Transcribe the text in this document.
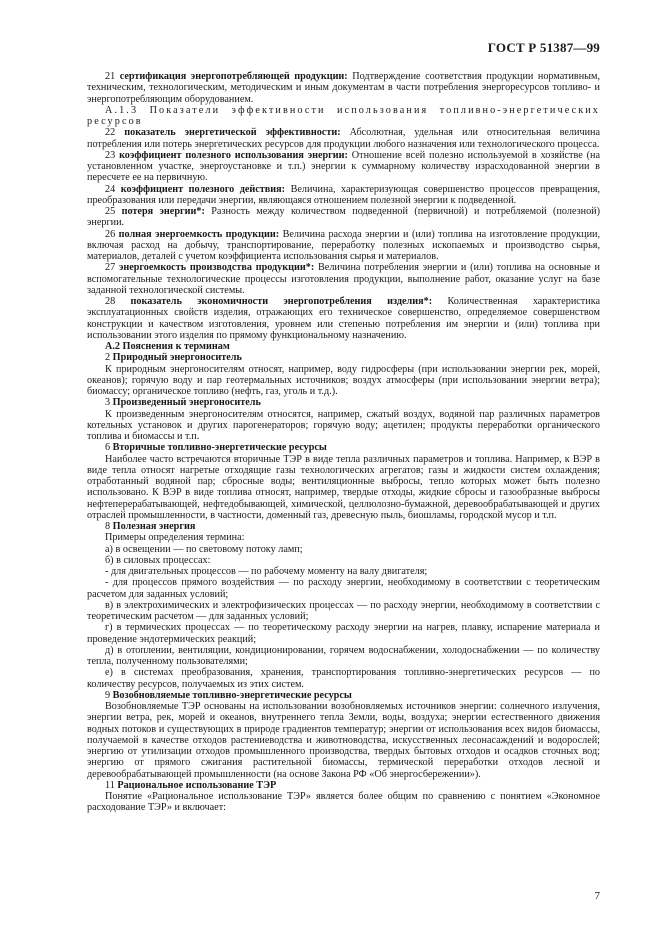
ГОСТ Р 51387—99

21 сертификация энергопотребляющей продукции: Подтверждение соответствия продукции нормативным, техническим, технологическим, методическим и иным документам в части потребления энергоресурсов топливо- и энергопотребляющим оборудованием.

А.1.3 Показатели эффективности использования топливно-энергетических ресурсов

22 показатель энергетической эффективности: Абсолютная, удельная или относительная величина потребления или потерь энергетических ресурсов для продукции любого назначения или технологического процесса.

23 коэффициент полезного использования энергии: Отношение всей полезно используемой в хозяйстве (на установленном участке, энергоустановке и т.п.) энергии к суммарному количеству израсходованной энергии в пересчете ее на первичную.

24 коэффициент полезного действия: Величина, характеризующая совершенство процессов превращения, преобразования или передачи энергии, являющаяся отношением полезной энергии к подведенной.

25 потеря энергии*: Разность между количеством подведенной (первичной) и потребляемой (полезной) энергии.

26 полная энергоемкость продукции: Величина расхода энергии и (или) топлива на изготовление продукции, включая расход на добычу, транспортирование, переработку полезных ископаемых и производство сырья, материалов, деталей с учетом коэффициента использования сырья и материалов.

27 энергоемкость производства продукции*: Величина потребления энергии и (или) топлива на основные и вспомогательные технологические процессы изготовления продукции, выполнение работ, оказание услуг на базе заданной технологической системы.

28 показатель экономичности энергопотребления изделия*: Количественная характеристика эксплуатационных свойств изделия, отражающих его техническое совершенство, определяемое совершенством конструкции и качеством изготовления, уровнем или степенью потребления им энергии и (или) топлива при использовании этого изделия по прямому функциональному назначению.

А.2 Пояснения к терминам

2 Природный энергоноситель

К природным энергоносителям относят, например, воду гидросферы (при использовании энергии рек, морей, океанов); горячую воду и пар геотермальных источников; воздух атмосферы (при использовании энергии ветра); биомассу; органическое топливо (нефть, газ, уголь и т.д.).

3 Произведенный энергоноситель

К произведенным энергоносителям относятся, например, сжатый воздух, водяной пар различных параметров котельных установок и других парогенераторов; горячую воду; ацетилен; продукты переработки органического топлива и биомассы и т.п.

6 Вторичные топливно-энергетические ресурсы

Наиболее часто встречаются вторичные ТЭР в виде тепла различных параметров и топлива. Например, к ВЭР в виде тепла относят нагретые отходящие газы технологических агрегатов; газы и жидкости систем охлаждения; отработанный водяной пар; сбросные воды; вентиляционные выбросы, тепло которых может быть полезно использовано. К ВЭР в виде топлива относят, например, твердые отходы, жидкие сбросы и газообразные выбросы нефтеперерабатывающей, нефтедобывающей, химической, целлюлозно-бумажной, деревообрабатывающей и других отраслей промышленности, в частности, доменный газ, древесную пыль, биошламы, городской мусор и т.п.

8 Полезная энергия

Примеры определения термина:

а) в освещении — по световому потоку ламп;

б) в силовых процессах:

- для двигательных процессов — по рабочему моменту на валу двигателя;

- для процессов прямого воздействия — по расходу энергии, необходимому в соответствии с теоретическим расчетом для заданных условий;

в) в электрохимических и электрофизических процессах — по расходу энергии, необходимому в соответствии с теоретическим расчетом — для заданных условий;

г) в термических процессах — по теоретическому расходу энергии на нагрев, плавку, испарение материала и проведение эндотермических реакций;

д) в отоплении, вентиляции, кондиционировании, горячем водоснабжении, холодоснабжении — по количеству тепла, полученному пользователями;

е) в системах преобразования, хранения, транспортирования топливно-энергетических ресурсов — по количеству ресурсов, получаемых из этих систем.

9 Возобновляемые топливно-энергетические ресурсы

Возобновляемые ТЭР основаны на использовании возобновляемых источников энергии: солнечного излучения, энергии ветра, рек, морей и океанов, внутреннего тепла Земли, воды, воздуха; энергии естественного движения водных потоков и существующих в природе градиентов температур; энергии от использования всех видов биомассы, получаемой в качестве отходов растениеводства и животноводства, искусственных лесонасаждений и водорослей; энергию от утилизации отходов промышленного производства, твердых бытовых отходов и осадков сточных вод; энергию от прямого сжигания растительной биомассы, термической переработки отходов лесной и деревообрабатывающей промышленности (на основе Закона РФ «Об энергосбережении»).

11 Рациональное использование ТЭР

Понятие «Рациональное использование ТЭР» является более общим по сравнению с понятием «Экономное расходование ТЭР» и включает:

7
